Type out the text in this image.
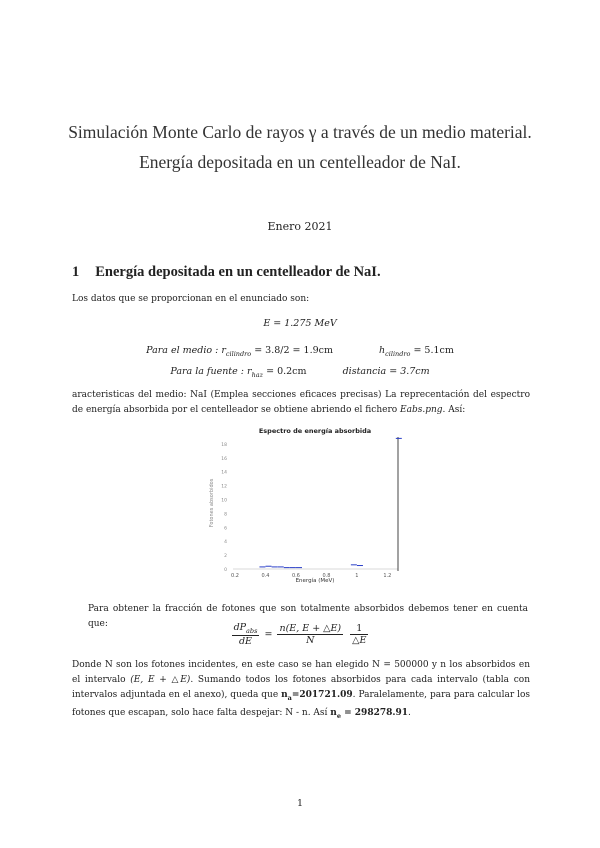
Simulación Monte Carlo de rayos γ a través de un medio material.
Energía depositada en un centelleador de NaI.
Enero 2021
1 Energía depositada en un centelleador de NaI.
Los datos que se proporcionan en el enunciado son:
E = 1.275 MeV
Para el medio : $r_{cilindro} = 3.8/2 = 1.9cm$	$h_{cilindro} = 5.1cm$
Para la fuente : $r_{haz} = 0.2cm$	distancia = 3.7cm
aracteristicas del medio: NaI (Emplea secciones eficaces precisas) La reprecentación del espectro de energía absorbida por el centelleador se obtiene abriendo el fichero Eabs.png. Así:
Espectro de energía absorbida
Energía (MeV)
Fotones absorbidos
0.2	0.4	0.6	0.8	1	1.2
0
2
4
6
8
10
12
14
16
18
Para obtener la fracción de fotones que son totalmente absorbidos debemos tener en cuenta que:	$\frac{dP_{abs}}{dE} = \frac{n(E, E + \triangle E)}{N}$
$\frac{1}{\triangle E}$
Donde N son los fotones incidentes, en este caso se han elegido N = 500000 y n los absorbidos en el intervalo (E, E + △E). Sumando todos los fotones absorbidos para cada intervalo (tabla con intervalos adjuntada en el anexo), queda que $n_a=201721.09$. Paralelamente, para para calcular los fotones que escapan, solo hace falta despejar: N - n. Así $n_e = 298278.91$.
1
